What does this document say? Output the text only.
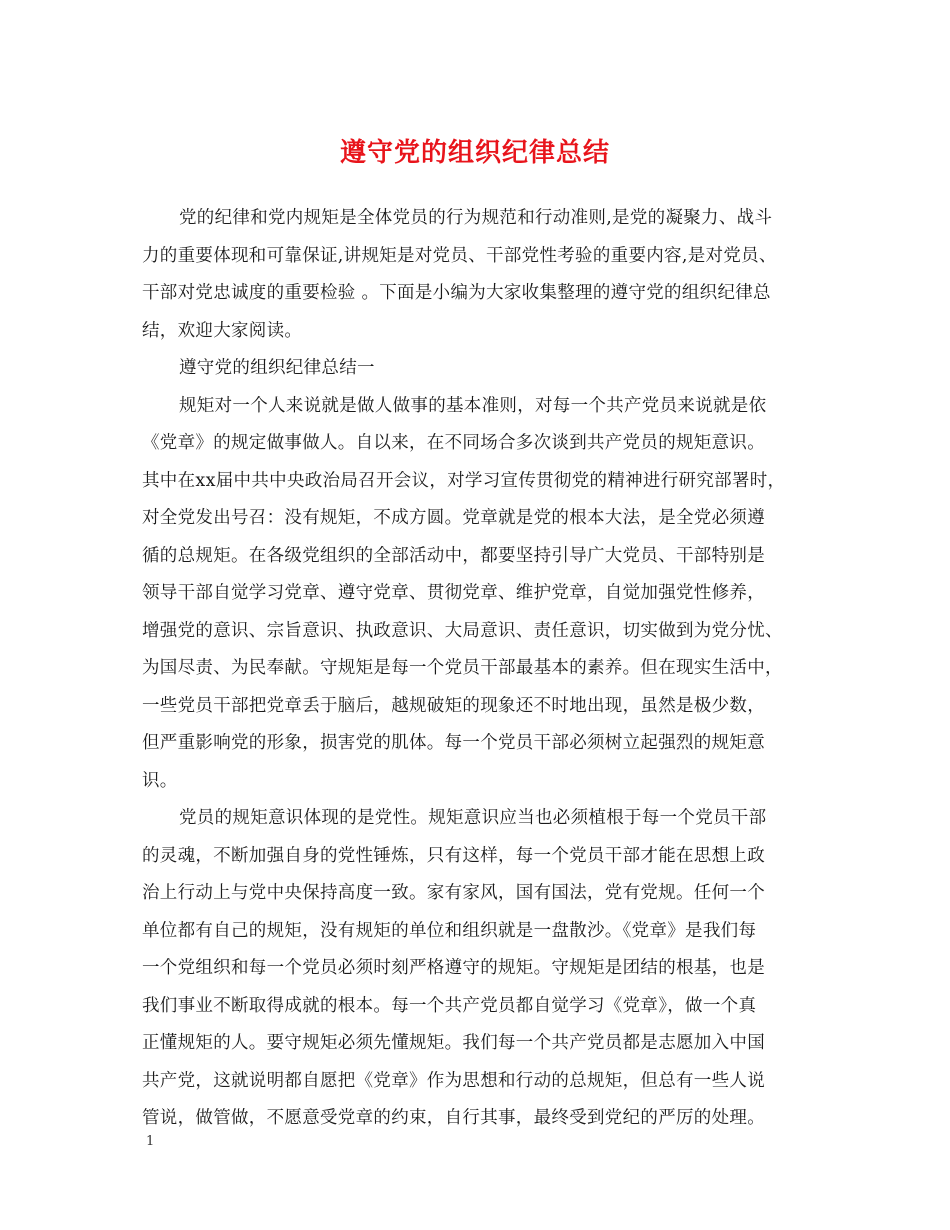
遵守党的组织纪律总结
党的纪律和党内规矩是全体党员的行为规范和行动准则,是党的凝聚力、战斗
力的重要体现和可靠保证,讲规矩是对党员、干部党性考验的重要内容,是对党员、
干部对党忠诚度的重要检验 。下面是小编为大家收集整理的遵守党的组织纪律总
结，欢迎大家阅读。
遵守党的组织纪律总结一
规矩对一个人来说就是做人做事的基本准则，对每一个共产党员来说就是依
《党章》的规定做事做人。自以来，在不同场合多次谈到共产党员的规矩意识。
其中在xx届中共中央政治局召开会议，对学习宣传贯彻党的精神进行研究部署时，
对全党发出号召：没有规矩，不成方圆。党章就是党的根本大法，是全党必须遵
循的总规矩。在各级党组织的全部活动中，都要坚持引导广大党员、干部特别是
领导干部自觉学习党章、遵守党章、贯彻党章、维护党章，自觉加强党性修养，
增强党的意识、宗旨意识、执政意识、大局意识、责任意识，切实做到为党分忧、
为国尽责、为民奉献。守规矩是每一个党员干部最基本的素养。但在现实生活中，
一些党员干部把党章丢于脑后，越规破矩的现象还不时地出现，虽然是极少数，
但严重影响党的形象，损害党的肌体。每一个党员干部必须树立起强烈的规矩意
识。
党员的规矩意识体现的是党性。规矩意识应当也必须植根于每一个党员干部
的灵魂，不断加强自身的党性锤炼，只有这样，每一个党员干部才能在思想上政
治上行动上与党中央保持高度一致。家有家风，国有国法，党有党规。任何一个
单位都有自己的规矩，没有规矩的单位和组织就是一盘散沙。《党章》是我们每
一个党组织和每一个党员必须时刻严格遵守的规矩。守规矩是团结的根基，也是
我们事业不断取得成就的根本。每一个共产党员都自觉学习《党章》，做一个真
正懂规矩的人。要守规矩必须先懂规矩。我们每一个共产党员都是志愿加入中国
共产党，这就说明都自愿把《党章》作为思想和行动的总规矩，但总有一些人说
管说，做管做，不愿意受党章的约束，自行其事，最终受到党纪的严厉的处理。
1
